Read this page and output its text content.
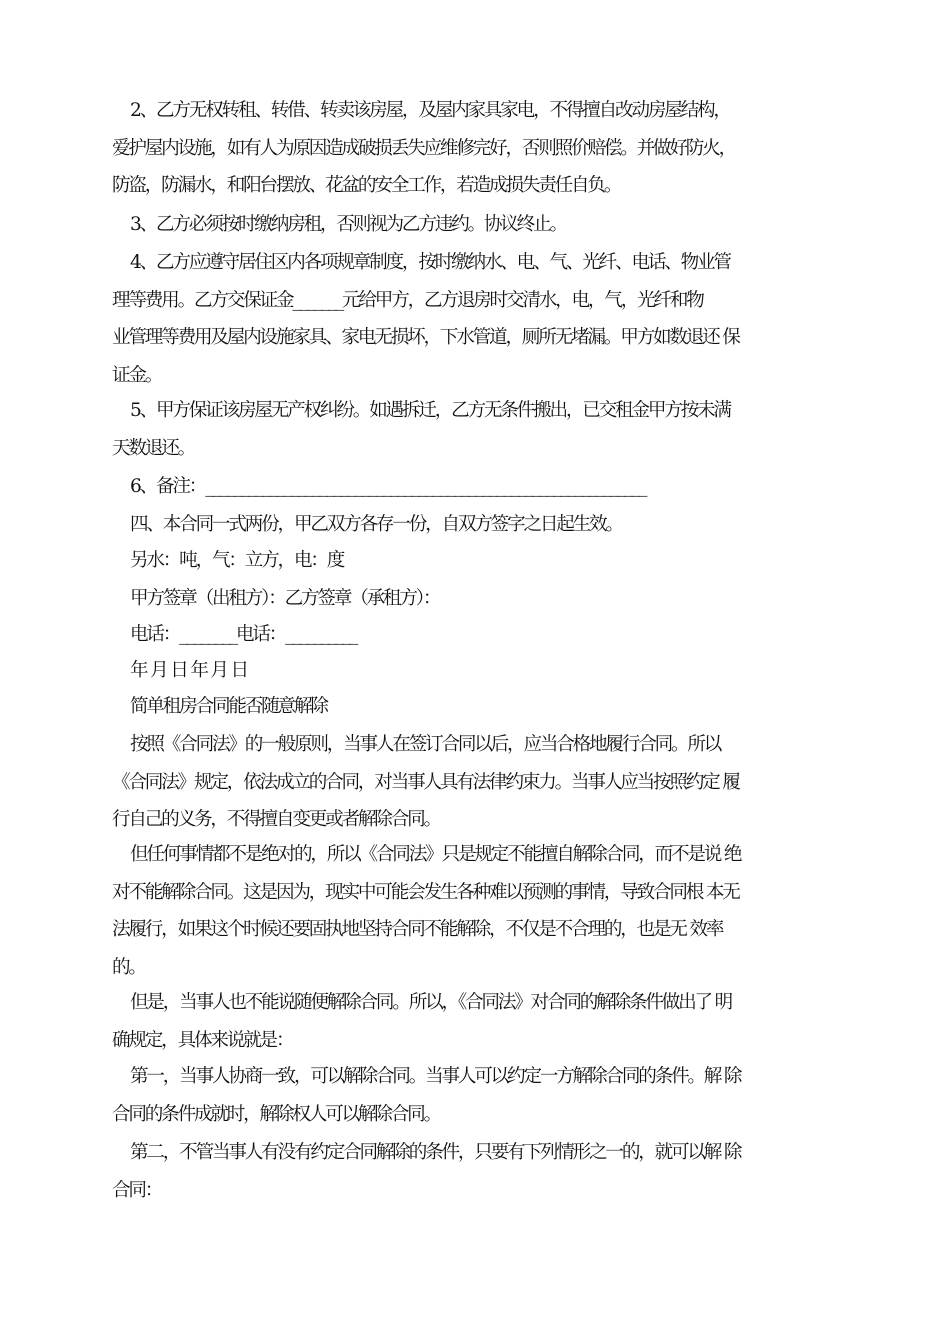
2、乙方无权转租、转借、转卖该房屋，及屋内家具家电，不得擅自改动房屋结构，
爱护屋内设施，如有人为原因造成破损丢失应维修完好，否则照价赔偿。并做好防火，
防盗，防漏水，和阳台摆放、花盆的安全工作，若造成损失责任自负。
3、乙方必须按时缴纳房租，否则视为乙方违约。协议终止。
4、乙方应遵守居住区内各项规章制度，按时缴纳水、电、气、光纤、电话、物业管
理等费用。乙方交保证金_______元给甲方，乙方退房时交清水，电，气，光纤和物
业管理等费用及屋内设施家具、家电无损坏，下水管道，厕所无堵漏。甲方如数退还 保
证金。
5、甲方保证该房屋无产权纠纷。如遇拆迁，乙方无条件搬出，已交租金甲方按未满
天数退还。
6、备注：______________________________________________________________
四、本合同一式两份，甲乙双方各存一份，自双方签字之日起生效。
另水：吨，气：立方，电：度
甲方签章（出租方）：乙方签章（承租方）：
电话：________电话：__________
年 月 日 年 月 日
简单租房合同能否随意解除
按照《合同法》的一般原则，当事人在签订合同以后，应当合格地履行合同。所以
《合同法》规定，依法成立的合同，对当事人具有法律约束力。当事人应当按照约定 履
行自己的义务，不得擅自变更或者解除合同。
但任何事情都不是绝对的，所以《合同法》只是规定不能擅自解除合同，而不是说 绝
对不能解除合同。这是因为，现实中可能会发生各种难以预测的事情，导致合同根 本无
法履行，如果这个时候还要固执地坚持合同不能解除，不仅是不合理的，也是无 效率
的。
但是，当事人也不能说随便解除合同。所以，《合同法》对合同的解除条件做出了 明
确规定，具体来说就是：
第一，当事人协商一致，可以解除合同。当事人可以约定一方解除合同的条件。解 除
合同的条件成就时，解除权人可以解除合同。
第二，不管当事人有没有约定合同解除的条件，只要有下列情形之一的，就可以解 除
合同：
